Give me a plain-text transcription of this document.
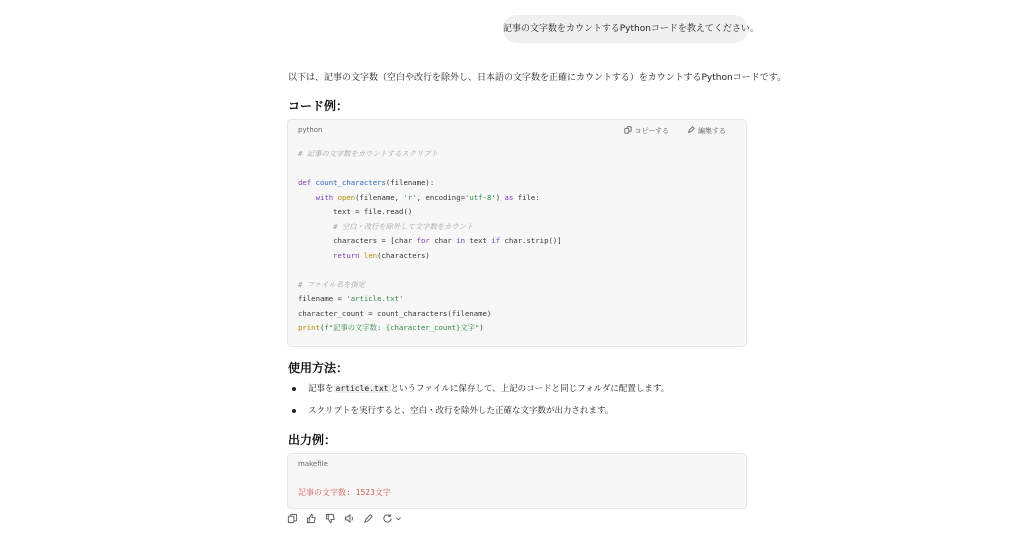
記事の文字数をカウントするPythonコードを教えてください。
以下は、記事の文字数（空白や改行を除外し、日本語の文字数を正確にカウントする）をカウントするPythonコードです。
コード例：
python	コピーする	編集する
# 記事の文字数をカウントするスクリプト

def count_characters(filename):
with open(filename, 'r', encoding='utf-8') as file:
text = file.read()
# 空白・改行を除外して文字数をカウント
characters = [char for char in text if char.strip()]
return len(characters)

# ファイル名を指定
filename = 'article.txt'
character_count = count_characters(filename)
print(f"記事の文字数: {character_count}文字")
使用方法：
記事を article.txt というファイルに保存して、上記のコードと同じフォルダに配置します。
スクリプトを実行すると、空白・改行を除外した正確な文字数が出力されます。
出力例：
makefile
記事の文字数: 1523文字
